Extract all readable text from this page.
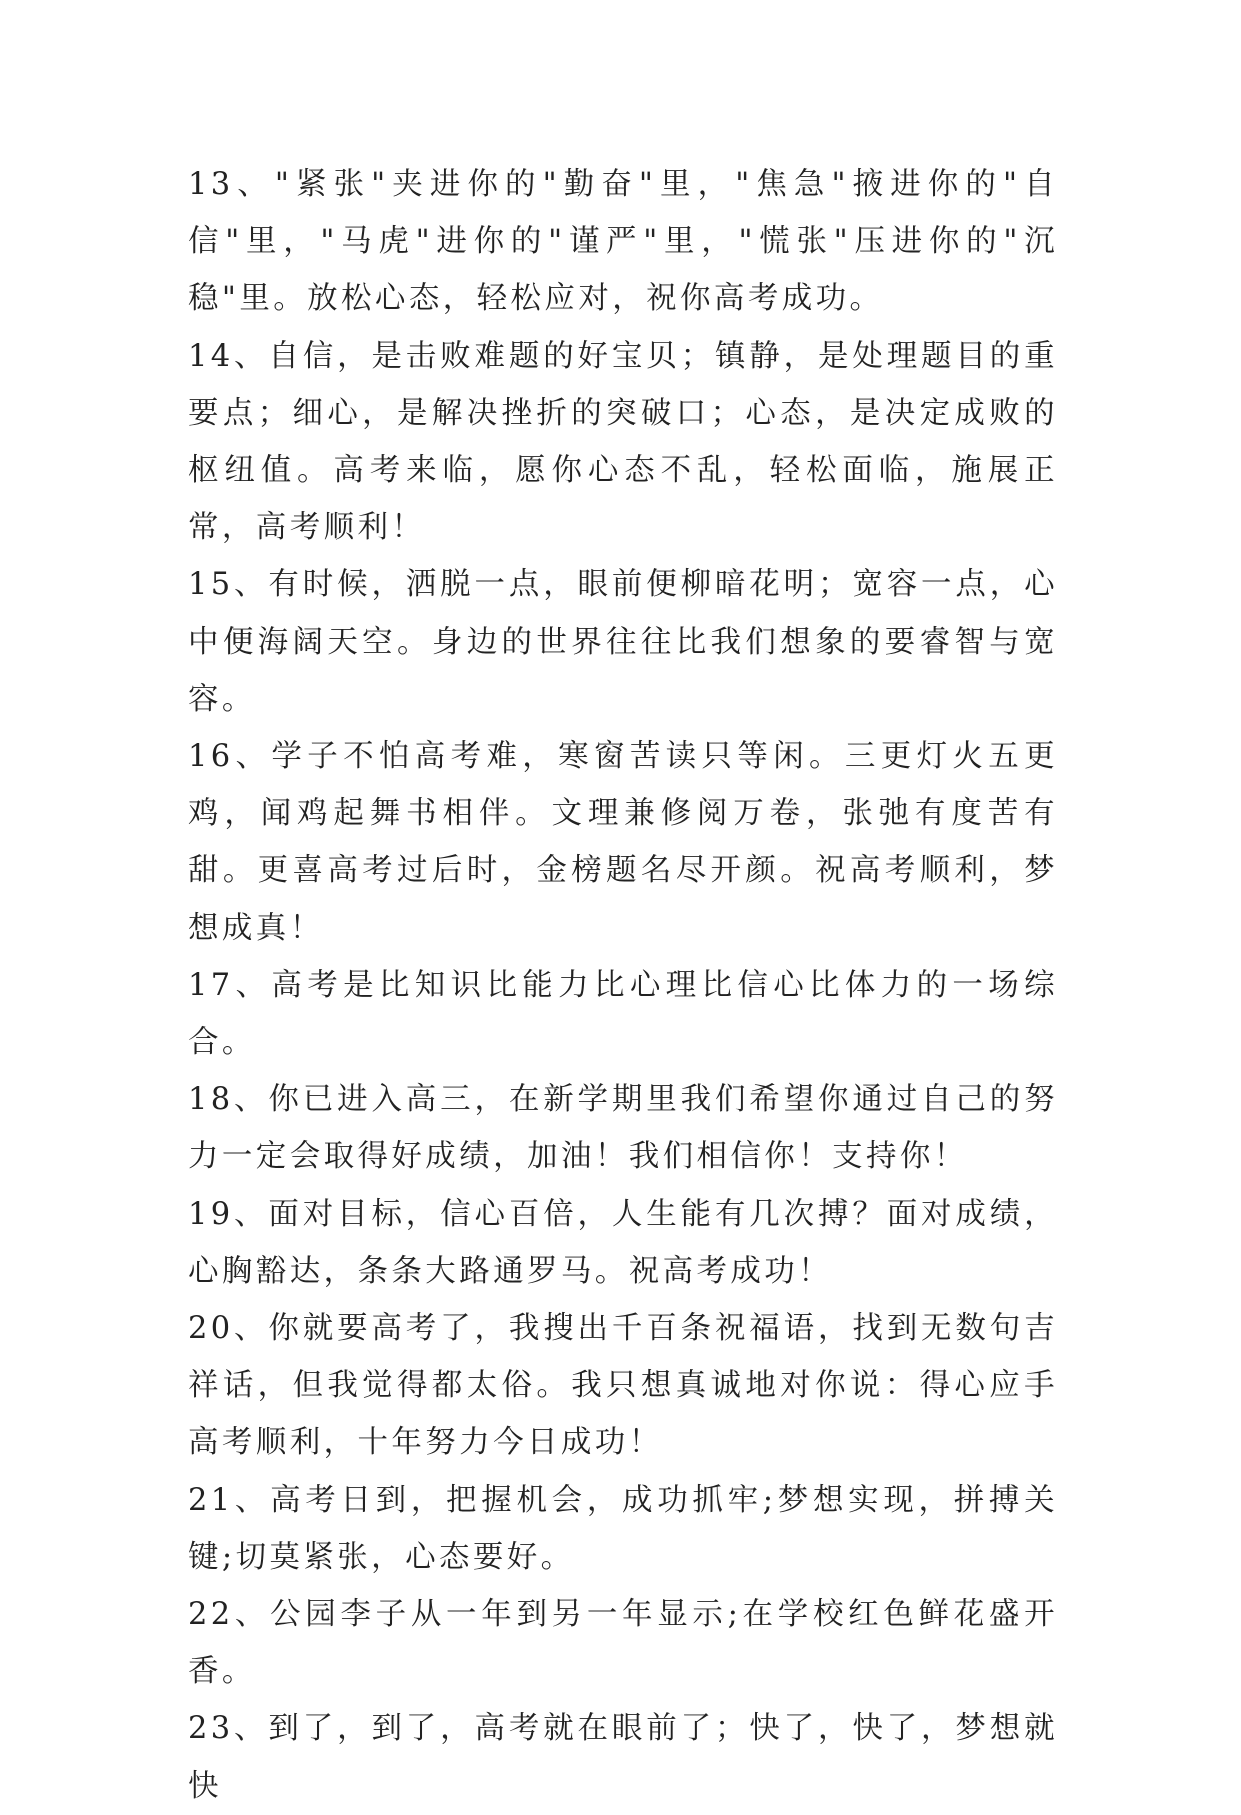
13、"紧张"夹进你的"勤奋"里，"焦急"掖进你的"自信"里，"马虎"进你的"谨严"里，"慌张"压进你的"沉稳"里。放松心态，轻松应对，祝你高考成功。

14、自信，是击败难题的好宝贝；镇静，是处理题目的重要点；细心，是解决挫折的突破口；心态，是决定成败的枢纽值。高考来临，愿你心态不乱，轻松面临，施展正常，高考顺利！

15、有时候，洒脱一点，眼前便柳暗花明；宽容一点，心中便海阔天空。身边的世界往往比我们想象的要睿智与宽容。

16、学子不怕高考难，寒窗苦读只等闲。三更灯火五更鸡，闻鸡起舞书相伴。文理兼修阅万卷，张弛有度苦有甜。更喜高考过后时，金榜题名尽开颜。祝高考顺利，梦想成真！

17、高考是比知识比能力比心理比信心比体力的一场综合。

18、你已进入高三，在新学期里我们希望你通过自己的努力一定会取得好成绩，加油！我们相信你！支持你！

19、面对目标，信心百倍，人生能有几次搏？面对成绩，心胸豁达，条条大路通罗马。祝高考成功！

20、你就要高考了，我搜出千百条祝福语，找到无数句吉祥话，但我觉得都太俗。我只想真诚地对你说：得心应手高考顺利，十年努力今日成功！

21、高考日到，把握机会，成功抓牢;梦想实现，拼搏关键;切莫紧张，心态要好。

22、公园李子从一年到另一年显示;在学校红色鲜花盛开香。

23、到了，到了，高考就在眼前了；快了，快了，梦想就快
